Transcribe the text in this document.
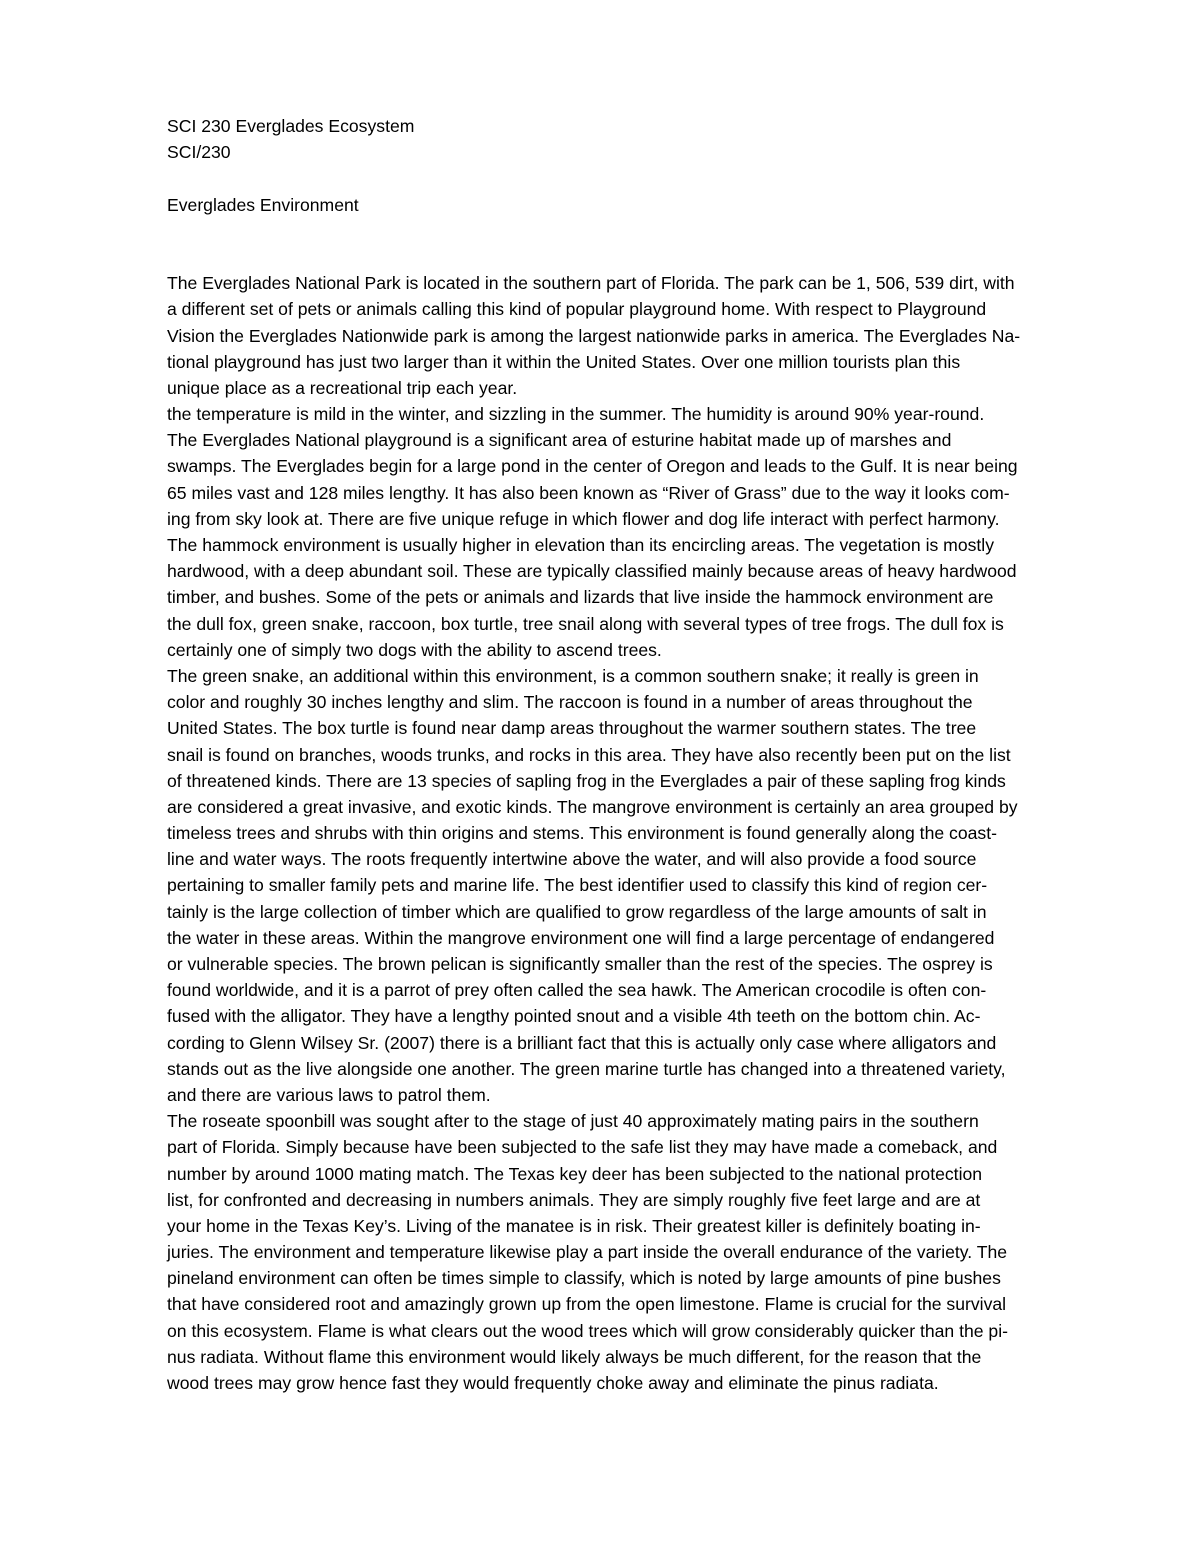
SCI 230 Everglades Ecosystem
SCI/230
Everglades Environment
The Everglades National Park is located in the southern part of Florida. The park can be 1, 506, 539 dirt, with
a different set of pets or animals calling this kind of popular playground home. With respect to Playground
Vision the Everglades Nationwide park is among the largest nationwide parks in america. The Everglades Na-
tional playground has just two larger than it within the United States. Over one million tourists plan this
unique place as a recreational trip each year.
the temperature is mild in the winter, and sizzling in the summer. The humidity is around 90% year-round.
The Everglades National playground is a significant area of esturine habitat made up of marshes and
swamps. The Everglades begin for a large pond in the center of Oregon and leads to the Gulf. It is near being
65 miles vast and 128 miles lengthy. It has also been known as “River of Grass” due to the way it looks com-
ing from sky look at. There are five unique refuge in which flower and dog life interact with perfect harmony.
The hammock environment is usually higher in elevation than its encircling areas. The vegetation is mostly
hardwood, with a deep abundant soil. These are typically classified mainly because areas of heavy hardwood
timber, and bushes. Some of the pets or animals and lizards that live inside the hammock environment are
the dull fox, green snake, raccoon, box turtle, tree snail along with several types of tree frogs. The dull fox is
certainly one of simply two dogs with the ability to ascend trees.
The green snake, an additional within this environment, is a common southern snake; it really is green in
color and roughly 30 inches lengthy and slim. The raccoon is found in a number of areas throughout the
United States. The box turtle is found near damp areas throughout the warmer southern states. The tree
snail is found on branches, woods trunks, and rocks in this area. They have also recently been put on the list
of threatened kinds. There are 13 species of sapling frog in the Everglades a pair of these sapling frog kinds
are considered a great invasive, and exotic kinds. The mangrove environment is certainly an area grouped by
timeless trees and shrubs with thin origins and stems. This environment is found generally along the coast-
line and water ways. The roots frequently intertwine above the water, and will also provide a food source
pertaining to smaller family pets and marine life. The best identifier used to classify this kind of region cer-
tainly is the large collection of timber which are qualified to grow regardless of the large amounts of salt in
the water in these areas. Within the mangrove environment one will find a large percentage of endangered
or vulnerable species. The brown pelican is significantly smaller than the rest of the species. The osprey is
found worldwide, and it is a parrot of prey often called the sea hawk. The American crocodile is often con-
fused with the alligator. They have a lengthy pointed snout and a visible 4th teeth on the bottom chin. Ac-
cording to Glenn Wilsey Sr. (2007) there is a brilliant fact that this is actually only case where alligators and
stands out as the live alongside one another. The green marine turtle has changed into a threatened variety,
and there are various laws to patrol them.
The roseate spoonbill was sought after to the stage of just 40 approximately mating pairs in the southern
part of Florida. Simply because have been subjected to the safe list they may have made a comeback, and
number by around 1000 mating match. The Texas key deer has been subjected to the national protection
list, for confronted and decreasing in numbers animals. They are simply roughly five feet large and are at
your home in the Texas Key’s. Living of the manatee is in risk. Their greatest killer is definitely boating in-
juries. The environment and temperature likewise play a part inside the overall endurance of the variety. The
pineland environment can often be times simple to classify, which is noted by large amounts of pine bushes
that have considered root and amazingly grown up from the open limestone. Flame is crucial for the survival
on this ecosystem. Flame is what clears out the wood trees which will grow considerably quicker than the pi-
nus radiata. Without flame this environment would likely always be much different, for the reason that the
wood trees may grow hence fast they would frequently choke away and eliminate the pinus radiata.
